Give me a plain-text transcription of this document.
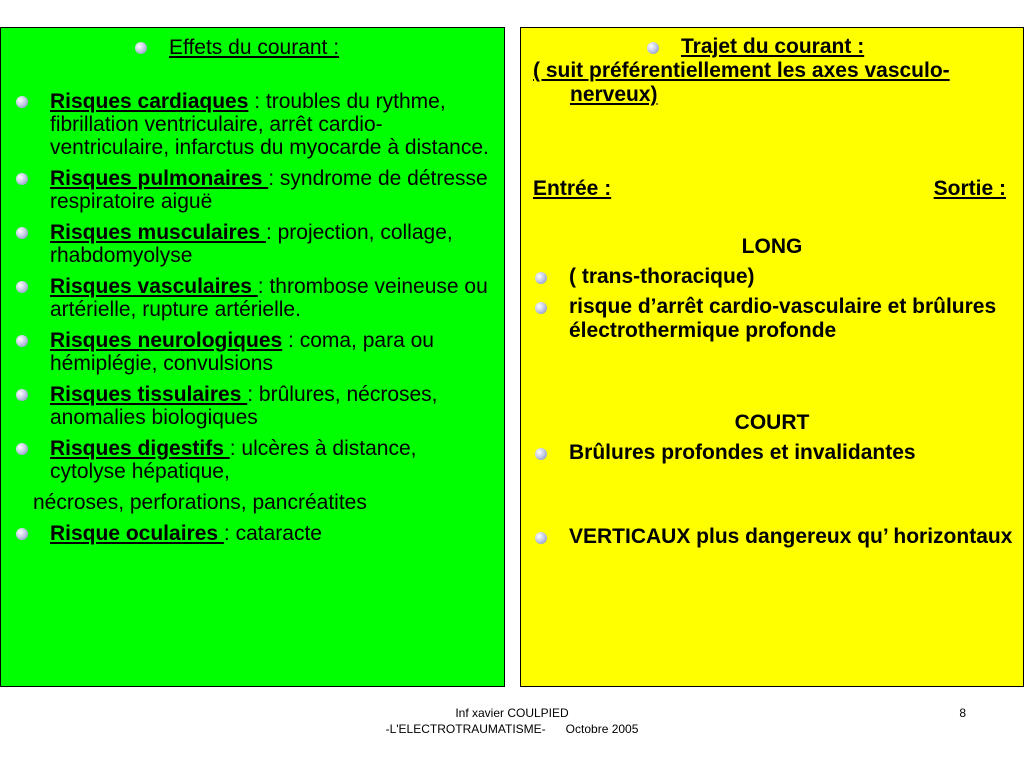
Effets du courant :
Risques cardiaques : troubles du rythme, fibrillation ventriculaire, arrêt cardio- ventriculaire, infarctus du myocarde à distance.
Risques pulmonaires : syndrome de détresse respiratoire aiguë
Risques musculaires : projection, collage, rhabdomyolyse
Risques vasculaires : thrombose veineuse ou artérielle, rupture artérielle.
Risques neurologiques : coma, para ou hémiplégie, convulsions
Risques tissulaires : brûlures, nécroses, anomalies biologiques
Risques digestifs : ulcères à distance, cytolyse hépatique,
nécroses, perforations, pancréatites
Risque oculaires : cataracte
Trajet du courant :
( suit préférentiellement les axes vasculo-nerveux)
Entrée :	Sortie :
LONG
( trans-thoracique)
risque d’arrêt cardio-vasculaire et brûlures électrothermique profonde
COURT
Brûlures profondes et invalidantes
VERTICAUX plus dangereux qu’ horizontaux
Inf xavier COULPIED
-L'ELECTROTRAUMATISME-      Octobre 2005
8
